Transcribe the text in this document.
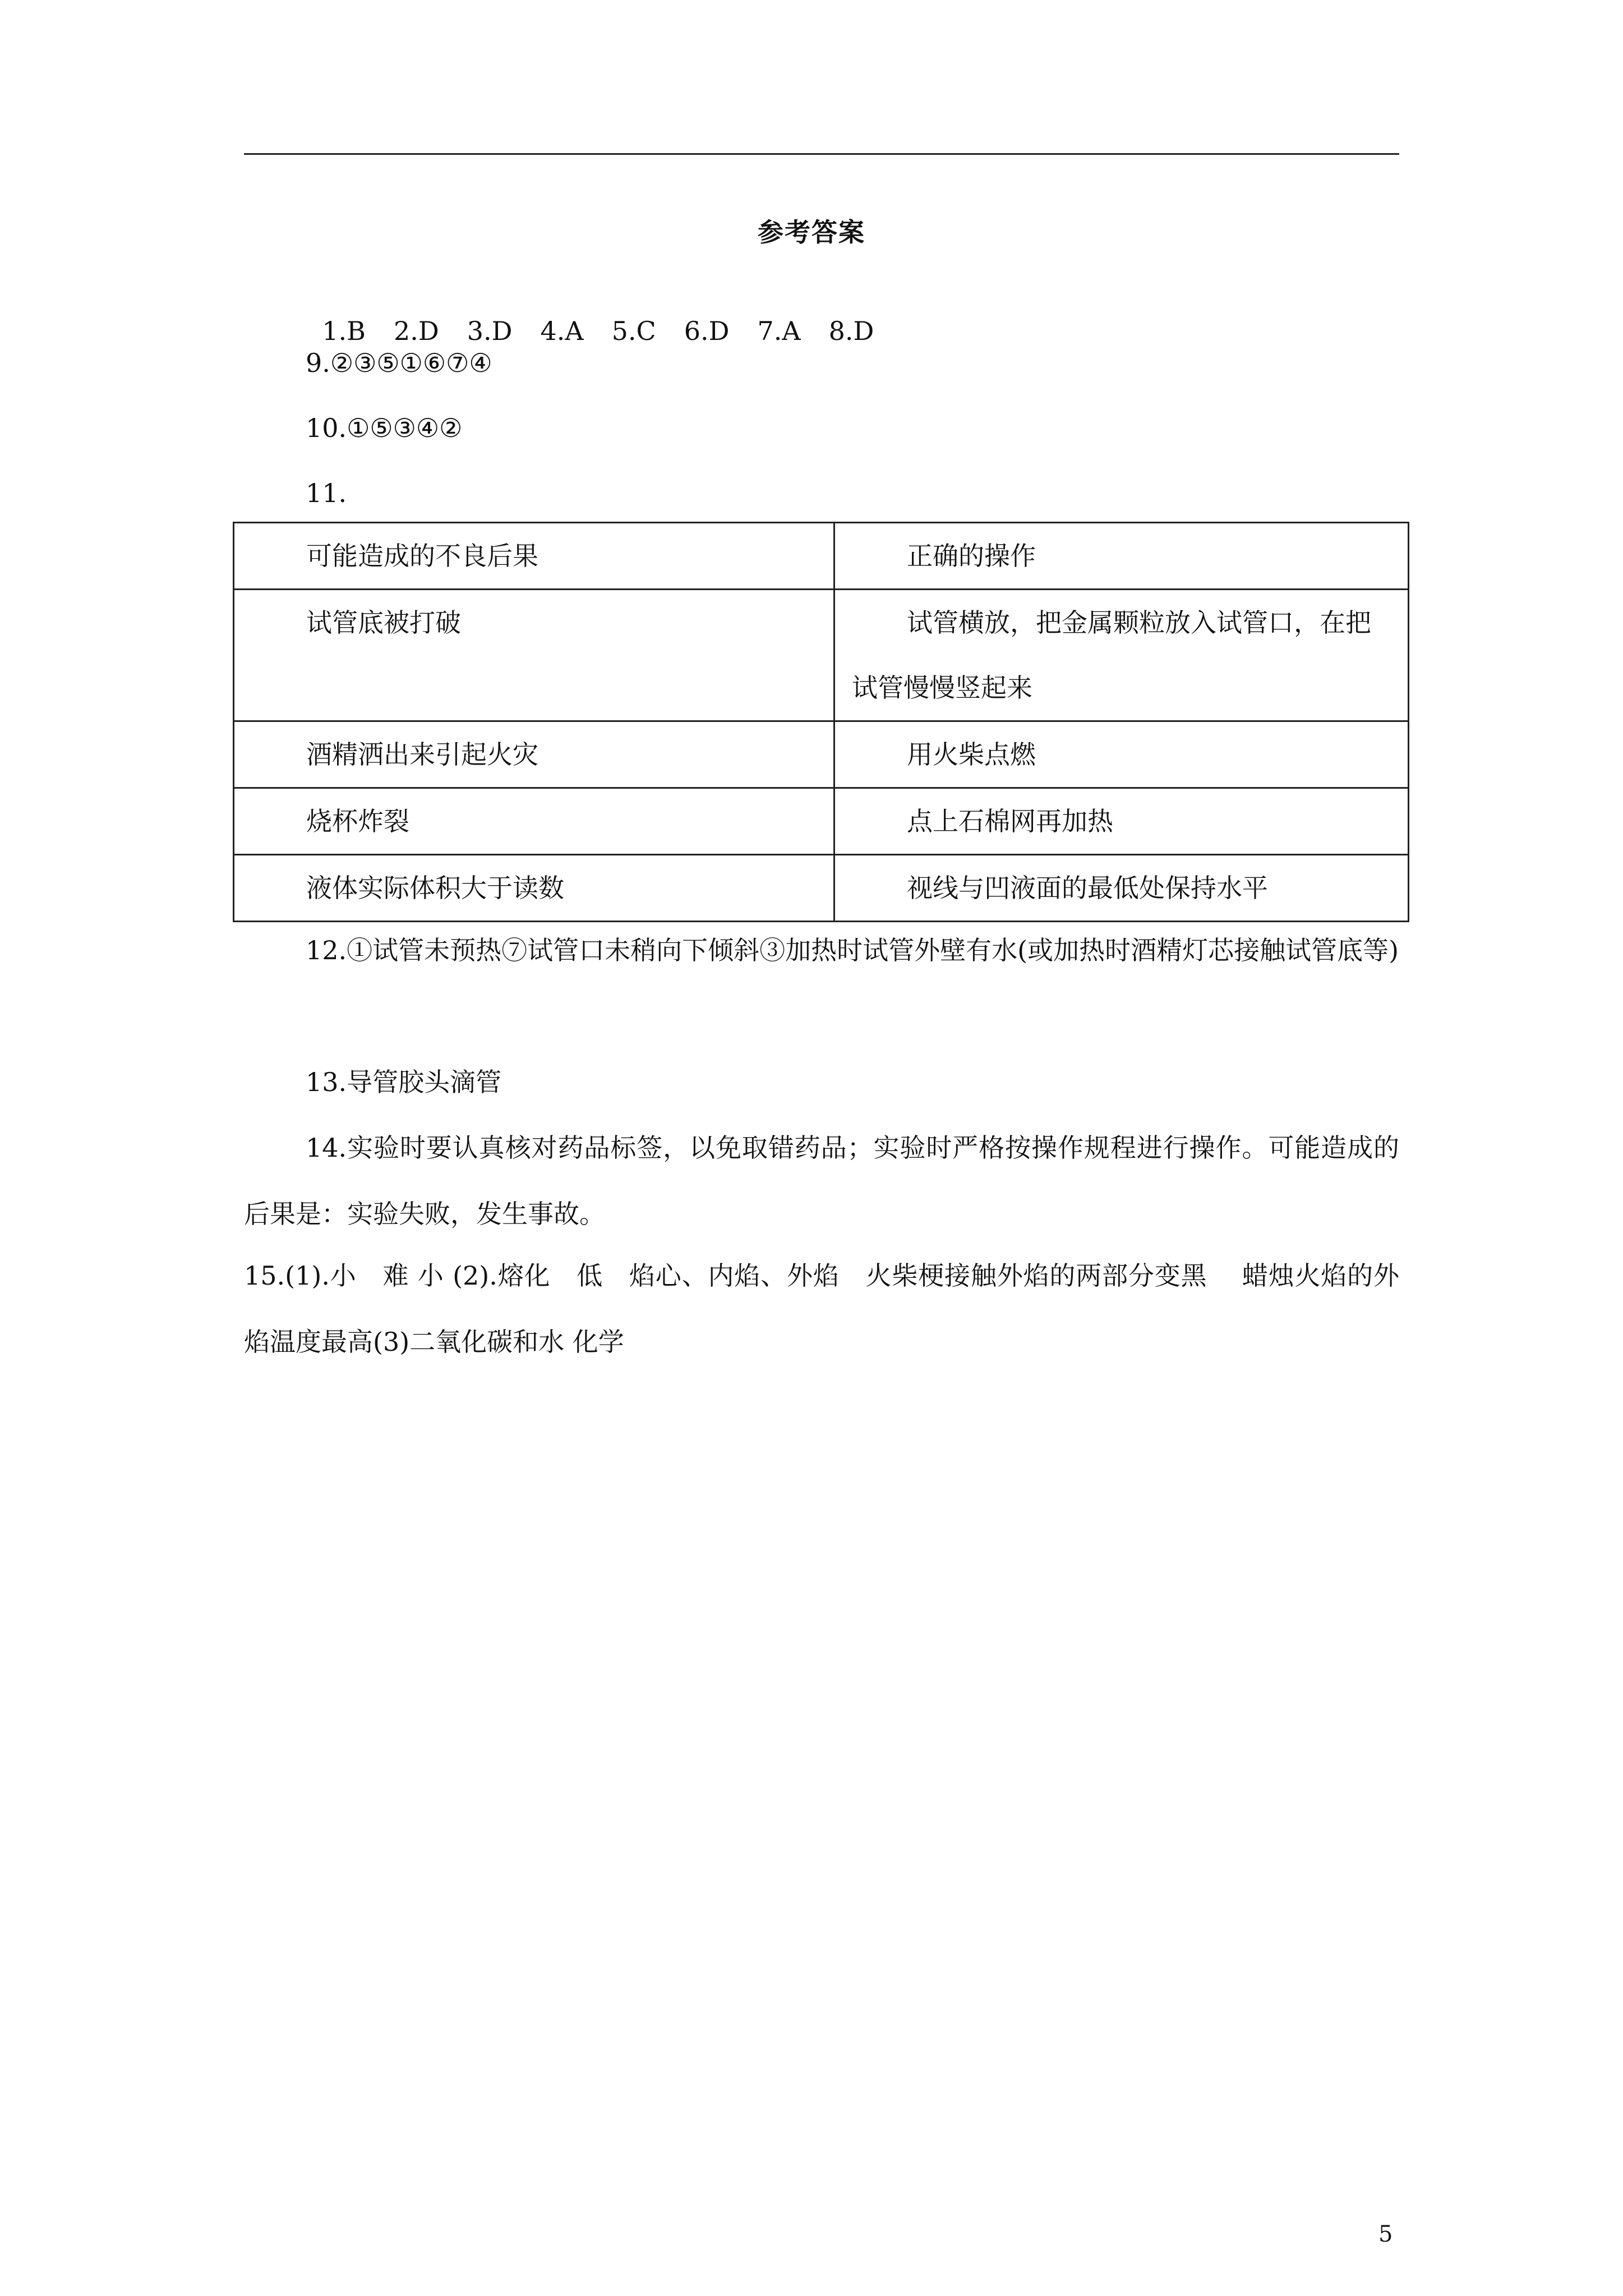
参考答案

1.B 2.D 3.D 4.A 5.C 6.D 7.A 8.D

9.②③⑤①⑥⑦④
10.①⑤③④②
11.
可能造成的不良后果	正确的操作
试管底被打破	试管横放，把金属颗粒放入试管口，在把试管慢慢竖起来
酒精洒出来引起火灾	用火柴点燃
烧杯炸裂	点上石棉网再加热
液体实际体积大于读数	视线与凹液面的最低处保持水平
12.①试管未预热⑦试管口未稍向下倾斜③加热时试管外壁有水(或加热时酒精灯芯接触试管底等)
13.导管胶头滴管
14.实验时要认真核对药品标签，以免取错药品；实验时严格按操作规程进行操作。可能造成的后果是：实验失败，发生事故。
15.(1).小　难 小 (2).熔化　低　焰心、内焰、外焰　火柴梗接触外焰的两部分变黑　 蜡烛火焰的外焰温度最高(3)二氧化碳和水 化学
5
